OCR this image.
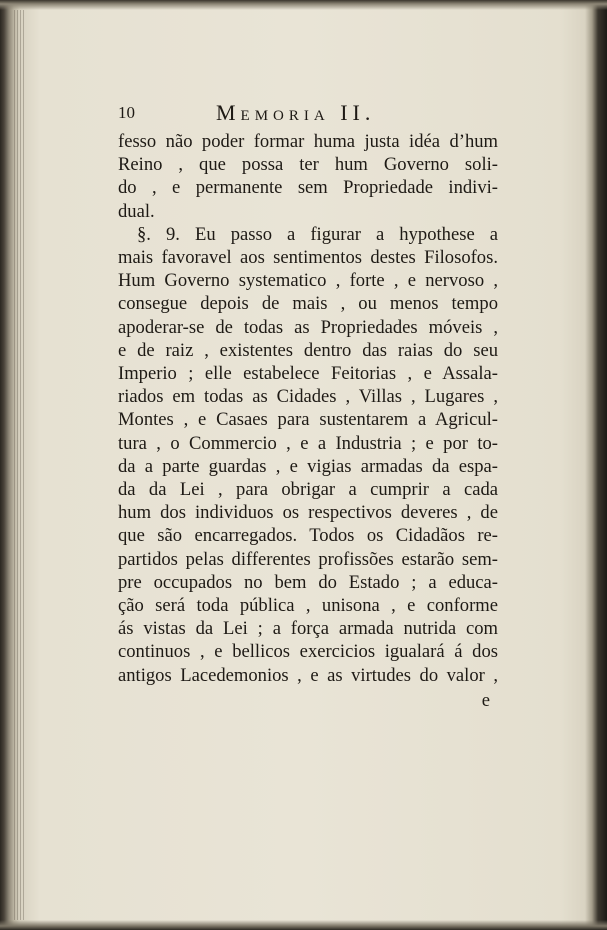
10	Memoria II.
fesso não poder formar huma justa idéa d’hum
Reino , que possa ter hum Governo soli-
do , e permanente sem Propriedade indivi-
dual.
§. 9. Eu passo a figurar a hypothese a
mais favoravel aos sentimentos destes Filosofos.
Hum Governo systematico , forte , e nervoso ,
consegue depois de mais , ou menos tempo
apoderar-se de todas as Propriedades móveis ,
e de raiz , existentes dentro das raias do seu
Imperio ; elle estabelece Feitorias , e Assala-
riados em todas as Cidades , Villas , Lugares ,
Montes , e Casaes para sustentarem a Agricul-
tura , o Commercio , e a Industria ; e por to-
da a parte guardas , e vigias armadas da espa-
da da Lei , para obrigar a cumprir a cada
hum dos individuos os respectivos deveres , de
que são encarregados. Todos os Cidadãos re-
partidos pelas differentes profissões estarão sem-
pre occupados no bem do Estado ; a educa-
ção será toda pública , unisona , e conforme
ás vistas da Lei ; a força armada nutrida com
continuos , e bellicos exercicios igualará á dos
antigos Lacedemonios , e as virtudes do valor ,
e
